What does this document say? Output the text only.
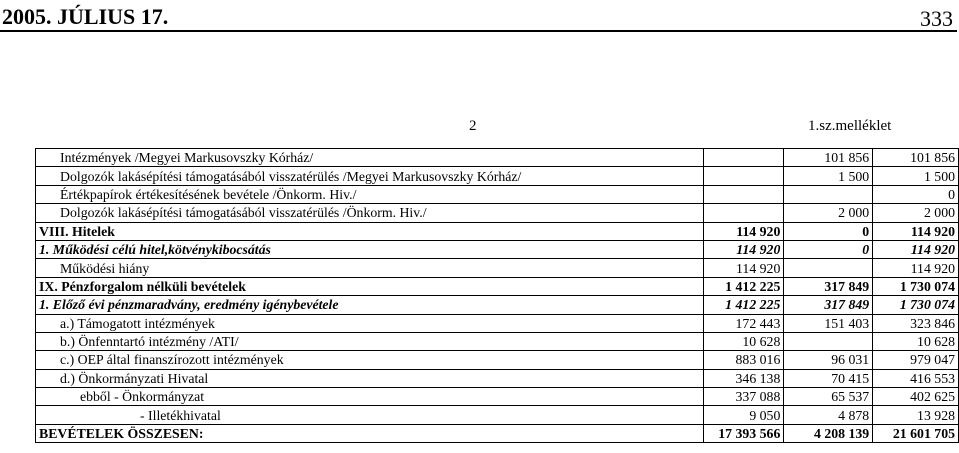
2005. JÚLIUS 17.	333
2	1.sz.melléklet
Intézmények /Megyei Markusovszky Kórház/		101 856	101 856
Dolgozók lakásépítési támogatásából visszatérülés /Megyei Markusovszky Kórház/		1 500	1 500
Értékpapírok értékesítésének bevétele /Önkorm. Hiv./			0
Dolgozók lakásépítési támogatásából visszatérülés /Önkorm. Hiv./		2 000	2 000
VIII. Hitelek	114 920	0	114 920
1. Működési célú hitel,kötvénykibocsátás	114 920	0	114 920
Működési hiány	114 920		114 920
IX. Pénzforgalom nélküli bevételek	1 412 225	317 849	1 730 074
1. Előző évi pénzmaradvány, eredmény igénybevétele	1 412 225	317 849	1 730 074
a.) Támogatott intézmények	172 443	151 403	323 846
b.) Önfenntartó intézmény /ATI/	10 628		10 628
c.) OEP által finanszírozott intézmények	883 016	96 031	979 047
d.) Önkormányzati Hivatal	346 138	70 415	416 553
ebből - Önkormányzat	337 088	65 537	402 625
- Illetékhivatal	9 050	4 878	13 928
BEVÉTELEK ÖSSZESEN:	17 393 566	4 208 139	21 601 705
